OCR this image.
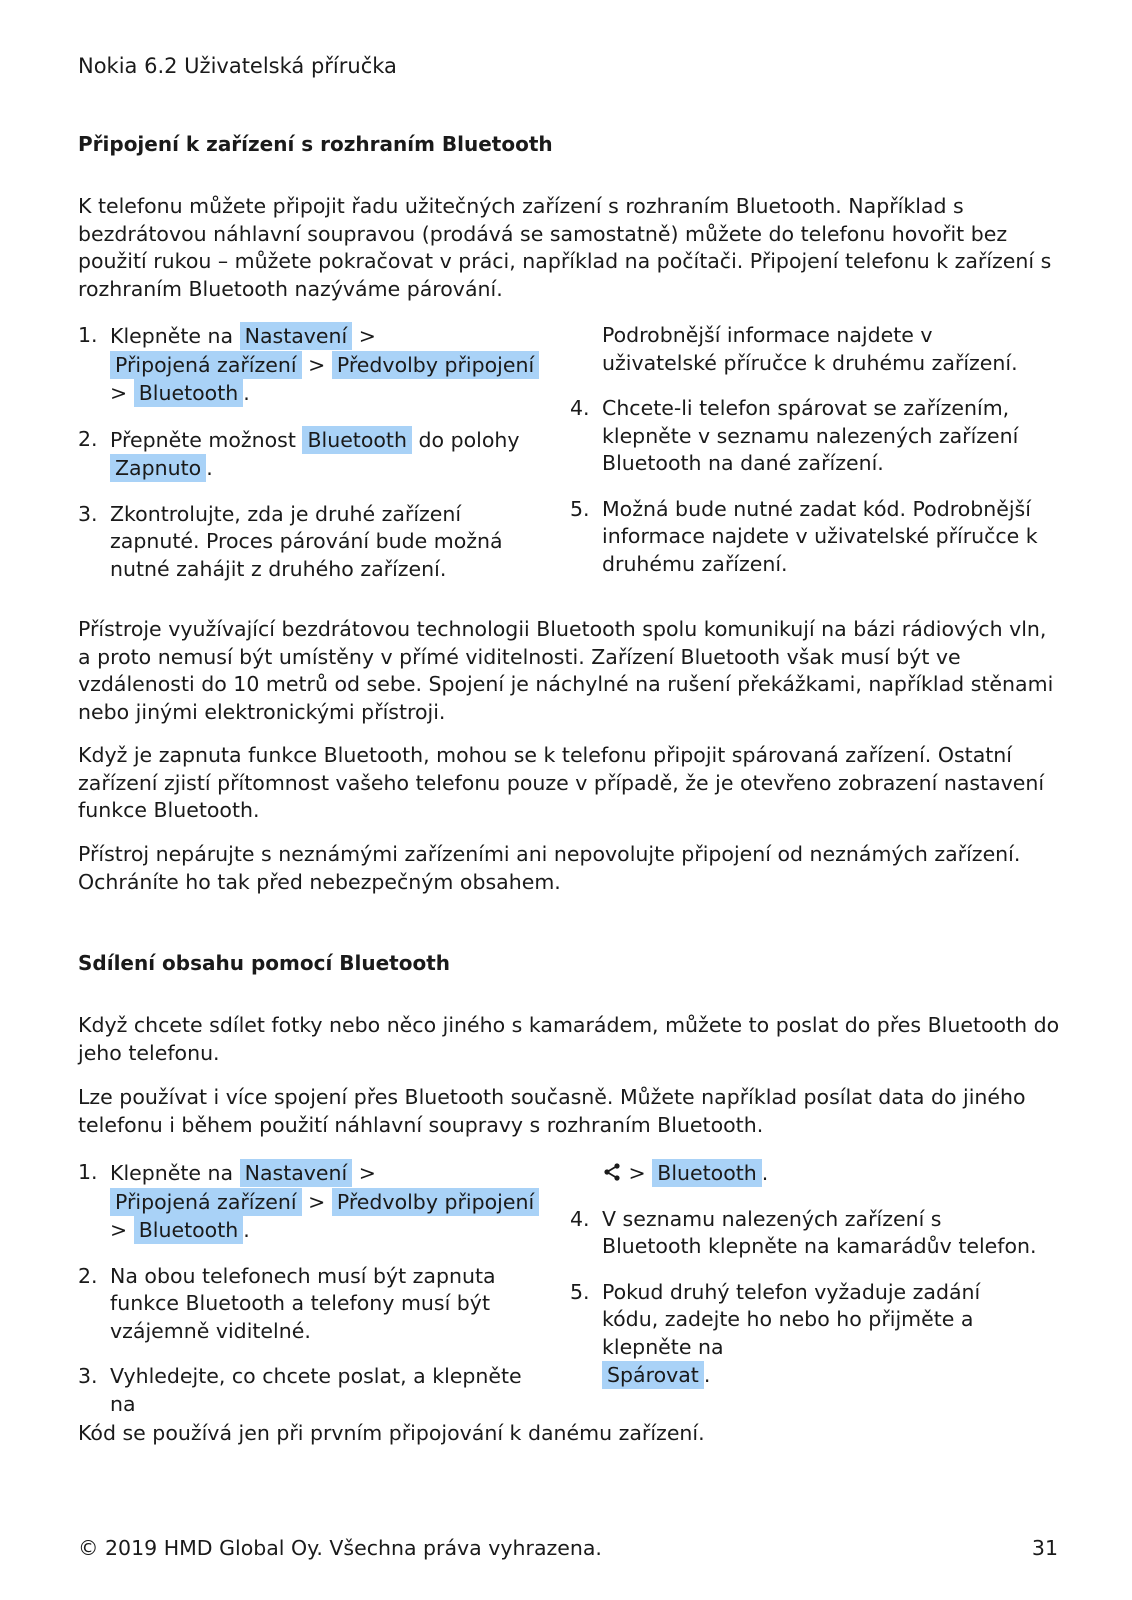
Nokia 6.2 Uživatelská příručka
Připojení k zařízení s rozhraním Bluetooth
K telefonu můžete připojit řadu užitečných zařízení s rozhraním Bluetooth. Například s bezdrátovou náhlavní soupravou (prodává se samostatně) můžete do telefonu hovořit bez použití rukou – můžete pokračovat v práci, například na počítači. Připojení telefonu k zařízení s rozhraním Bluetooth nazýváme párování.
1. Klepněte na Nastavení >
Připojená zařízení > Předvolby připojení
> Bluetooth .
2. Přepněte možnost Bluetooth do polohy
Zapnuto .
3. Zkontrolujte, zda je druhé zařízení zapnuté. Proces párování bude možná nutné zahájit z druhého zařízení.
Podrobnější informace najdete v uživatelské příručce k druhému zařízení.
4. Chcete-li telefon spárovat se zařízením, klepněte v seznamu nalezených zařízení Bluetooth na dané zařízení.
5. Možná bude nutné zadat kód. Podrobnější informace najdete v uživatelské příručce k druhému zařízení.
Přístroje využívající bezdrátovou technologii Bluetooth spolu komunikují na bázi rádiových vln, a proto nemusí být umístěny v přímé viditelnosti. Zařízení Bluetooth však musí být ve vzdálenosti do 10 metrů od sebe. Spojení je náchylné na rušení překážkami, například stěnami nebo jinými elektronickými přístroji.
Když je zapnuta funkce Bluetooth, mohou se k telefonu připojit spárovaná zařízení. Ostatní zařízení zjistí přítomnost vašeho telefonu pouze v případě, že je otevřeno zobrazení nastavení funkce Bluetooth.
Přístroj nepárujte s neznámými zařízeními ani nepovolujte připojení od neznámých zařízení. Ochráníte ho tak před nebezpečným obsahem.
Sdílení obsahu pomocí Bluetooth
Když chcete sdílet fotky nebo něco jiného s kamarádem, můžete to poslat do přes Bluetooth do jeho telefonu.
Lze používat i více spojení přes Bluetooth současně. Můžete například posílat data do jiného telefonu i během použití náhlavní soupravy s rozhraním Bluetooth.
1. Klepněte na Nastavení >
Připojená zařízení > Předvolby připojení
> Bluetooth .
2. Na obou telefonech musí být zapnuta funkce Bluetooth a telefony musí být vzájemně viditelné.
3. Vyhledejte, co chcete poslat, a klepněte na
> Bluetooth .
4. V seznamu nalezených zařízení s Bluetooth klepněte na kamarádův telefon.
5. Pokud druhý telefon vyžaduje zadání kódu, zadejte ho nebo ho přijměte a klepněte na
Spárovat .
Kód se používá jen při prvním připojování k danému zařízení.
© 2019 HMD Global Oy. Všechna práva vyhrazena.	31
